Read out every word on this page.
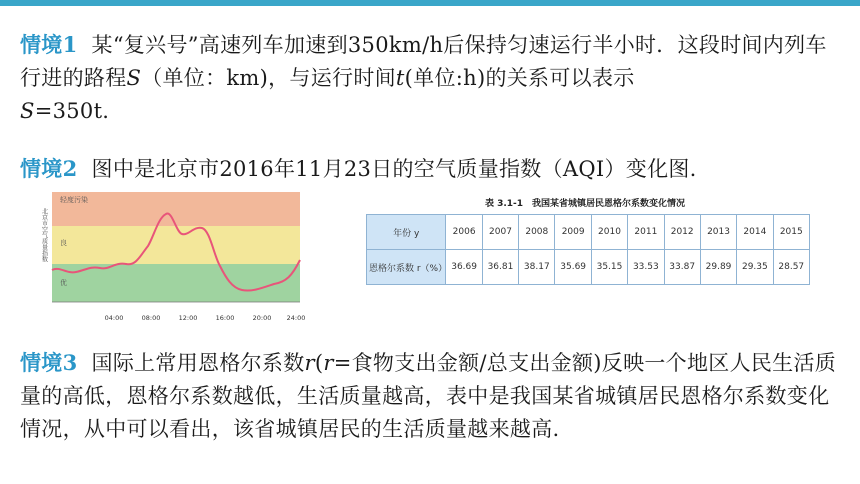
情境1 某“复兴号”高速列车加速到350km/h后保持匀速运行半小时．这段时间内列车行进的路程S（单位：km)，与运行时间t(单位:h)的关系可以表示
S=350t.
情境2 图中是北京市2016年11月23日的空气质量指数（AQI）变化图.
轻度污染
良
优
北京市空气质量指数
04:00	08:00	12:00	16:00	20:00 24:00
表 3.1-1　我国某省城镇居民恩格尔系数变化情况
年份 y	2006	2007	2008	2009	2010	2011	2012	2013	2014	2015
恩格尔系数 r（%）	36.69	36.81	38.17	35.69	35.15	33.53	33.87	29.89	29.35	28.57
情境3 国际上常用恩格尔系数r(r=食物支出金额/总支出金额)反映一个地区人民生活质量的高低，恩格尔系数越低，生活质量越高，表中是我国某省城镇居民恩格尔系数变化情况，从中可以看出，该省城镇居民的生活质量越来越高.
